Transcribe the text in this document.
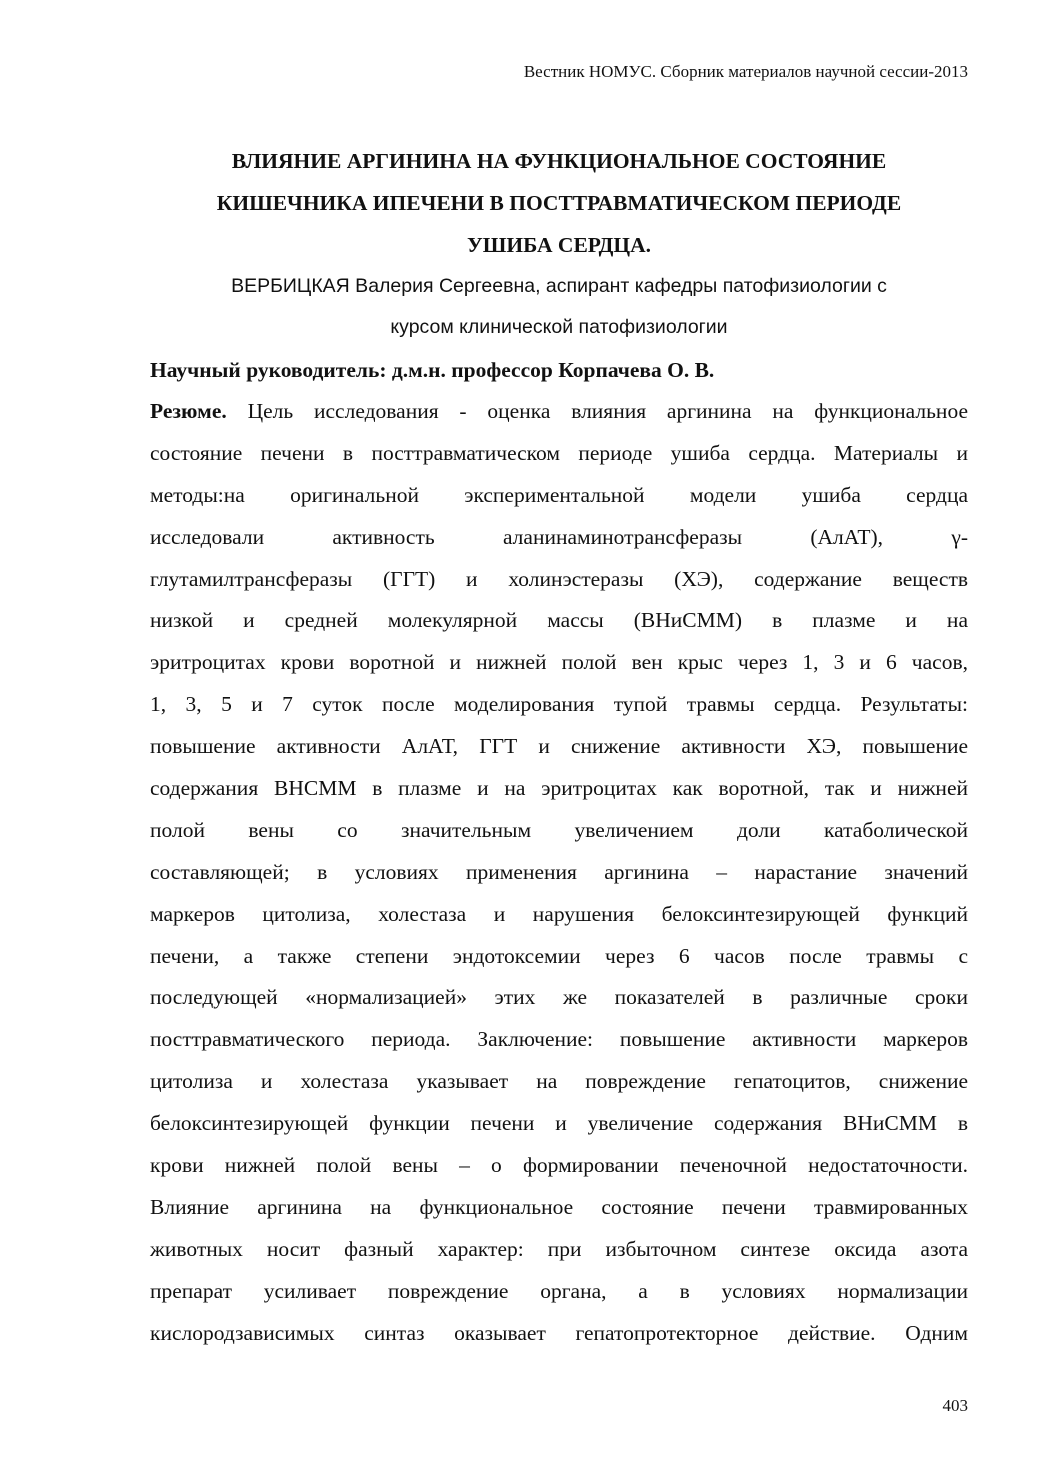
Вестник НОМУС. Сборник материалов научной сессии-2013
ВЛИЯНИЕ АРГИНИНА НА ФУНКЦИОНАЛЬНОЕ СОСТОЯНИЕ
КИШЕЧНИКА ИПЕЧЕНИ В ПОСТТРАВМАТИЧЕСКОМ ПЕРИОДЕ
УШИБА СЕРДЦА.
ВЕРБИЦКАЯ Валерия Сергеевна, аспирант кафедры патофизиологии с
курсом клинической патофизиологии
Научный руководитель: д.м.н. профессор Корпачева О. В.
Резюме. Цель исследования - оценка влияния аргинина на функциональное
состояние печени в посттравматическом периоде ушиба сердца. Материалы и
методы:на оригинальной экспериментальной модели ушиба сердца
исследовали активность аланинаминотрансферазы (АлАТ), γ-
глутамилтрансферазы (ГГТ) и холинэстеразы (ХЭ), содержание веществ
низкой и средней молекулярной массы (ВНиСММ) в плазме и на
эритроцитах крови воротной и нижней полой вен крыс через 1, 3 и 6 часов,
1, 3, 5 и 7 суток после моделирования тупой травмы сердца. Результаты:
повышение активности АлАТ, ГГТ и снижение активности ХЭ, повышение
содержания ВНСММ в плазме и на эритроцитах как воротной, так и нижней
полой вены со значительным увеличением доли катаболической
составляющей; в условиях применения аргинина – нарастание значений
маркеров цитолиза, холестаза и нарушения белоксинтезирующей функций
печени, а также степени эндотоксемии через 6 часов после травмы с
последующей «нормализацией» этих же показателей в различные сроки
посттравматического периода. Заключение: повышение активности маркеров
цитолиза и холестаза указывает на повреждение гепатоцитов, снижение
белоксинтезирующей функции печени и увеличение содержания ВНиСММ в
крови нижней полой вены – о формировании печеночной недостаточности.
Влияние аргинина на функциональное состояние печени травмированных
животных носит фазный характер: при избыточном синтезе оксида азота
препарат усиливает повреждение органа, а в условиях нормализации
кислородзависимых синтаз оказывает гепатопротекторное действие. Одним
403
